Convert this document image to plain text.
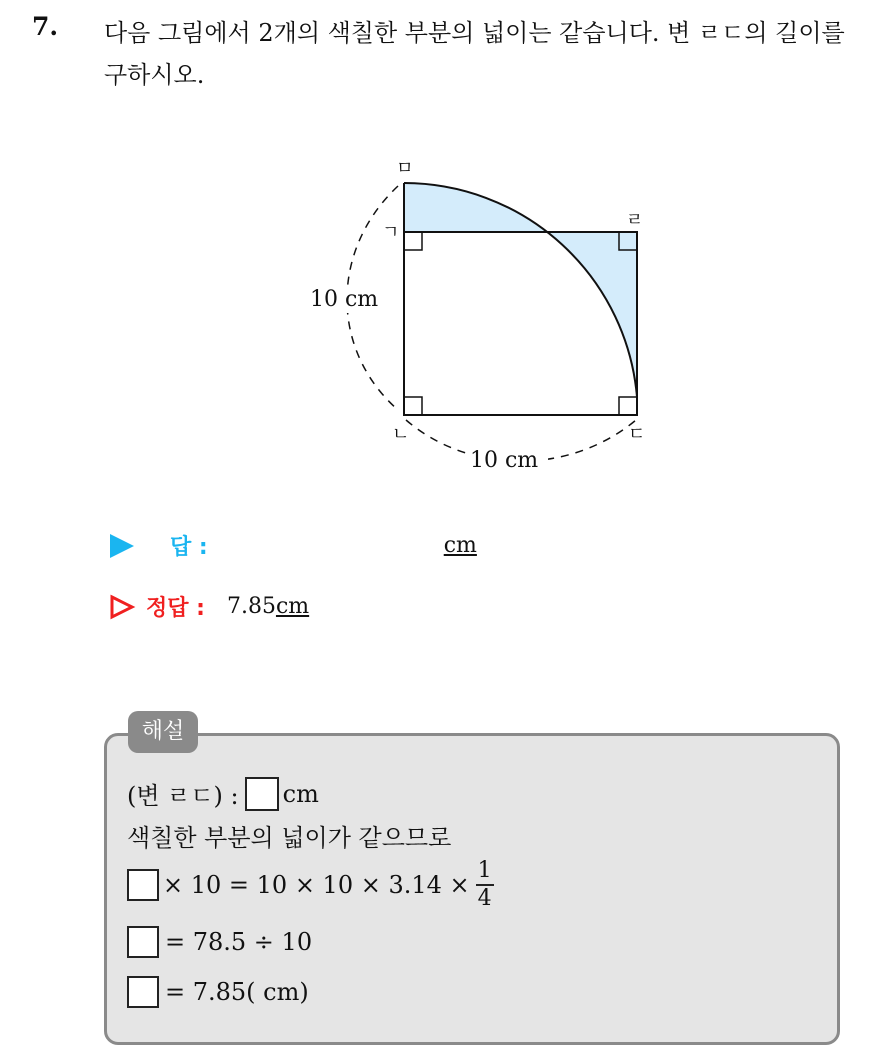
7. 다음 그림에서 2개의 색칠한 부분의 넓이는 같습니다. 변 ㄹㄷ의 길이를 구하시오.
ㅁ
ㄱ
ㄹ
ㄴ	ㄷ
10 cm
10 cm
답 :	cm
정답 : 7.85 cm
(변 ㄹㄷ) : cm
색칠한 부분의 넓이가 같으므로
× $10 = 10 \times 10 \times 3.14 \times \frac{1}{4}$
= 78.5 ÷ 10
= 7.85( cm)
해설
